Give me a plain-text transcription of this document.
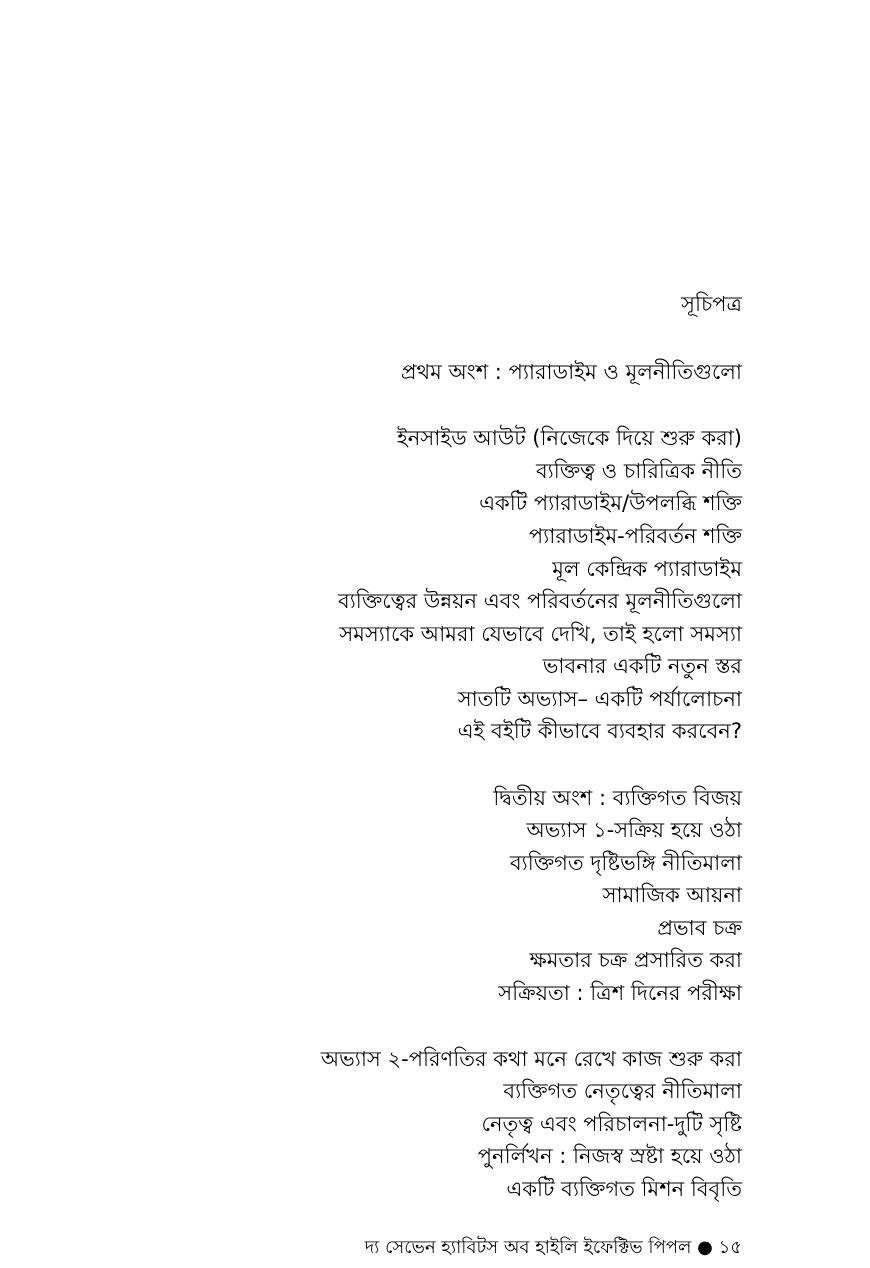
সূচিপত্র
প্রথম অংশ : প্যারাডাইম ও মূলনীতিগুলো
ইনসাইড আউট (নিজেকে দিয়ে শুরু করা)
ব্যক্তিত্ব ও চারিত্রিক নীতি
একটি প্যারাডাইম/উপলব্ধি শক্তি
প্যারাডাইম-পরিবর্তন শক্তি
মূল কেন্দ্রিক প্যারাডাইম
ব্যক্তিত্বের উন্নয়ন এবং পরিবর্তনের মূলনীতিগুলো
সমস্যাকে আমরা যেভাবে দেখি, তাই হলো সমস্যা
ভাবনার একটি নতুন স্তর
সাতটি অভ্যাস– একটি পর্যালোচনা
এই বইটি কীভাবে ব্যবহার করবেন?
দ্বিতীয় অংশ : ব্যক্তিগত বিজয়
অভ্যাস ১-সক্রিয় হয়ে ওঠা
ব্যক্তিগত দৃষ্টিভঙ্গি নীতিমালা
সামাজিক আয়না
প্রভাব চক্র
ক্ষমতার চক্র প্রসারিত করা
সক্রিয়তা : ত্রিশ দিনের পরীক্ষা
অভ্যাস ২-পরিণতির কথা মনে রেখে কাজ শুরু করা
ব্যক্তিগত নেতৃত্বের নীতিমালা
নেতৃত্ব এবং পরিচালনা-দুটি সৃষ্টি
পুনর্লিখন : নিজস্ব স্রষ্টা হয়ে ওঠা
একটি ব্যক্তিগত মিশন বিবৃতি
দ্য সেভেন হ্যাবিটস অব হাইলি ইফেক্টিভ পিপল ● ১৫
